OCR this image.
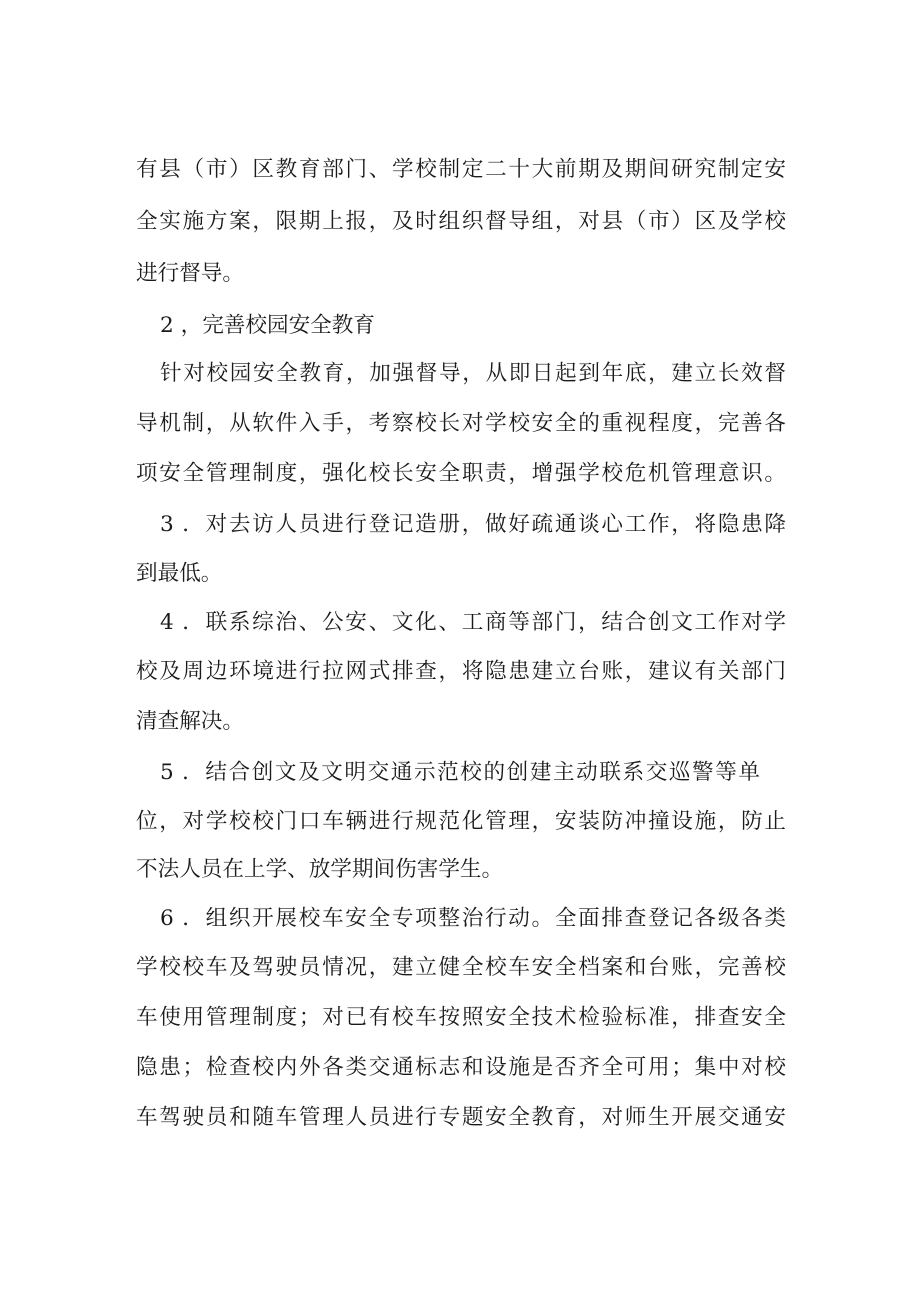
有县（市）区教育部门、学校制定二十大前期及期间研究制定安
全实施方案，限期上报，及时组织督导组，对县（市）区及学校
进行督导。
2 ，完善校园安全教育
针对校园安全教育，加强督导，从即日起到年底，建立长效督
导机制，从软件入手，考察校长对学校安全的重视程度，完善各
项安全管理制度，强化校长安全职责，增强学校危机管理意识。
3 ．对去访人员进行登记造册，做好疏通谈心工作，将隐患降
到最低。
4 ．联系综治、公安、文化、工商等部门，结合创文工作对学
校及周边环境进行拉网式排查，将隐患建立台账，建议有关部门
清查解决。
5 ．结合创文及文明交通示范校的创建主动联系交巡警等单
位，对学校校门口车辆进行规范化管理，安装防冲撞设施，防止
不法人员在上学、放学期间伤害学生。
6 ．组织开展校车安全专项整治行动。全面排查登记各级各类
学校校车及驾驶员情况，建立健全校车安全档案和台账，完善校
车使用管理制度；对已有校车按照安全技术检验标准，排查安全
隐患；检查校内外各类交通标志和设施是否齐全可用；集中对校
车驾驶员和随车管理人员进行专题安全教育，对师生开展交通安
